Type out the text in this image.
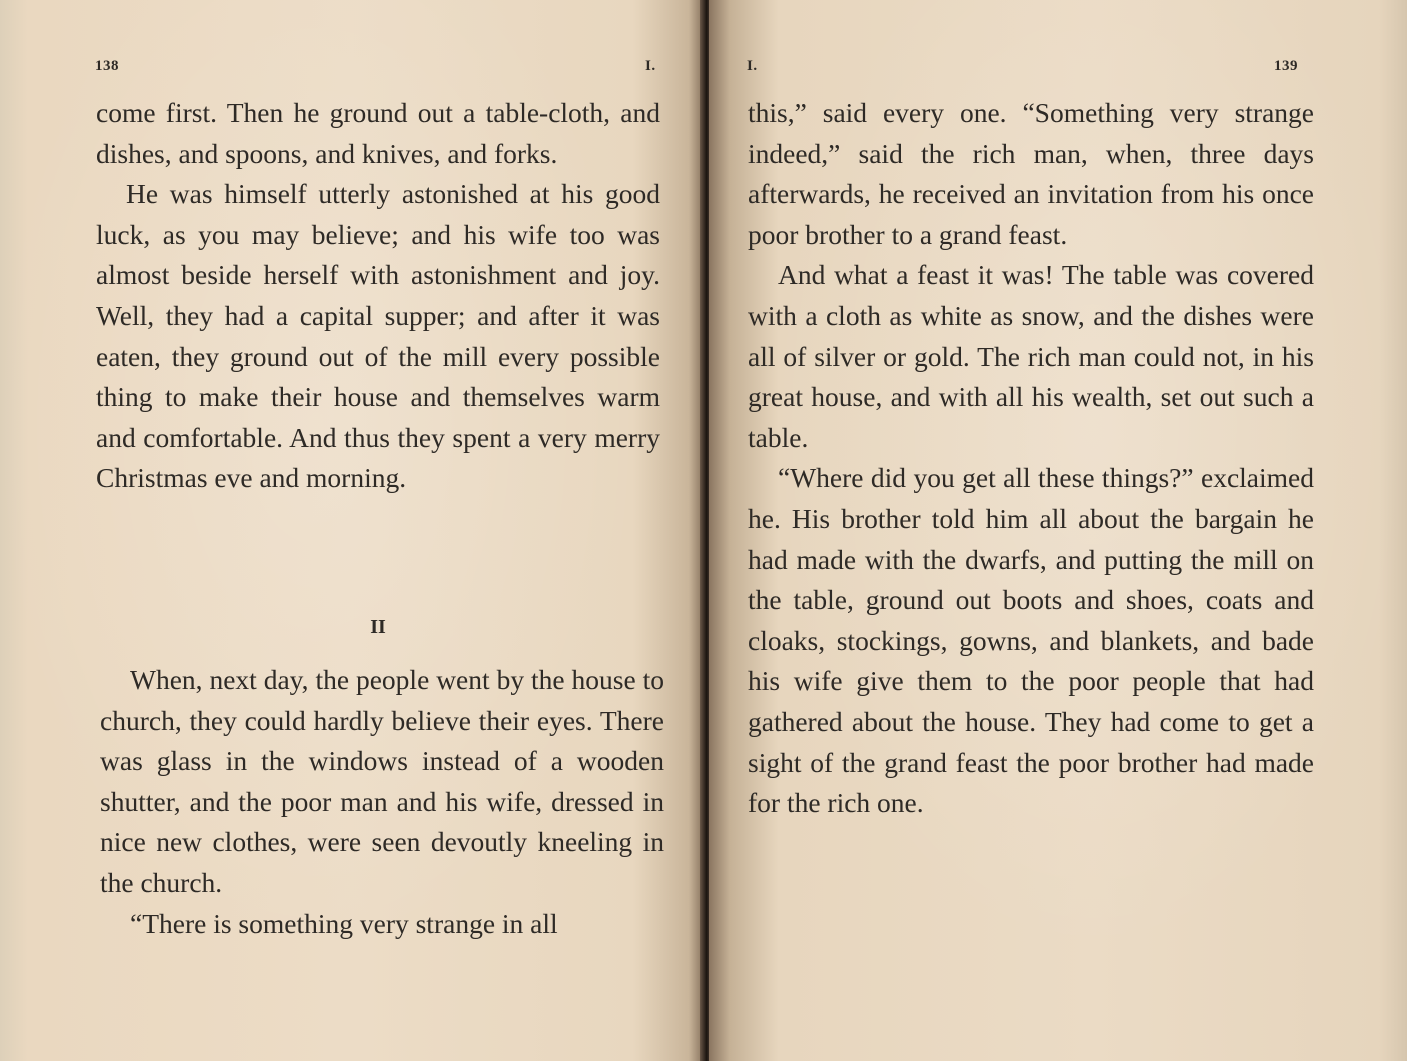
138	I.

come first. Then he ground out a table-cloth, and dishes, and spoons, and knives, and forks.

He was himself utterly astonished at his good luck, as you may believe; and his wife too was almost beside herself with astonishment and joy. Well, they had a capital supper; and after it was eaten, they ground out of the mill every possible thing to make their house and themselves warm and comfortable. And thus they spent a very merry Christmas eve and morning.

II

When, next day, the people went by the house to church, they could hardly believe their eyes. There was glass in the windows instead of a wooden shutter, and the poor man and his wife, dressed in nice new clothes, were seen devoutly kneeling in the church.

“There is something very strange in all

I.	139

this,” said every one. “Something very strange indeed,” said the rich man, when, three days afterwards, he received an invitation from his once poor brother to a grand feast.

And what a feast it was! The table was covered with a cloth as white as snow, and the dishes were all of silver or gold. The rich man could not, in his great house, and with all his wealth, set out such a table.

“Where did you get all these things?” exclaimed he. His brother told him all about the bargain he had made with the dwarfs, and putting the mill on the table, ground out boots and shoes, coats and cloaks, stockings, gowns, and blankets, and bade his wife give them to the poor people that had gathered about the house. They had come to get a sight of the grand feast the poor brother had made for the rich one.
